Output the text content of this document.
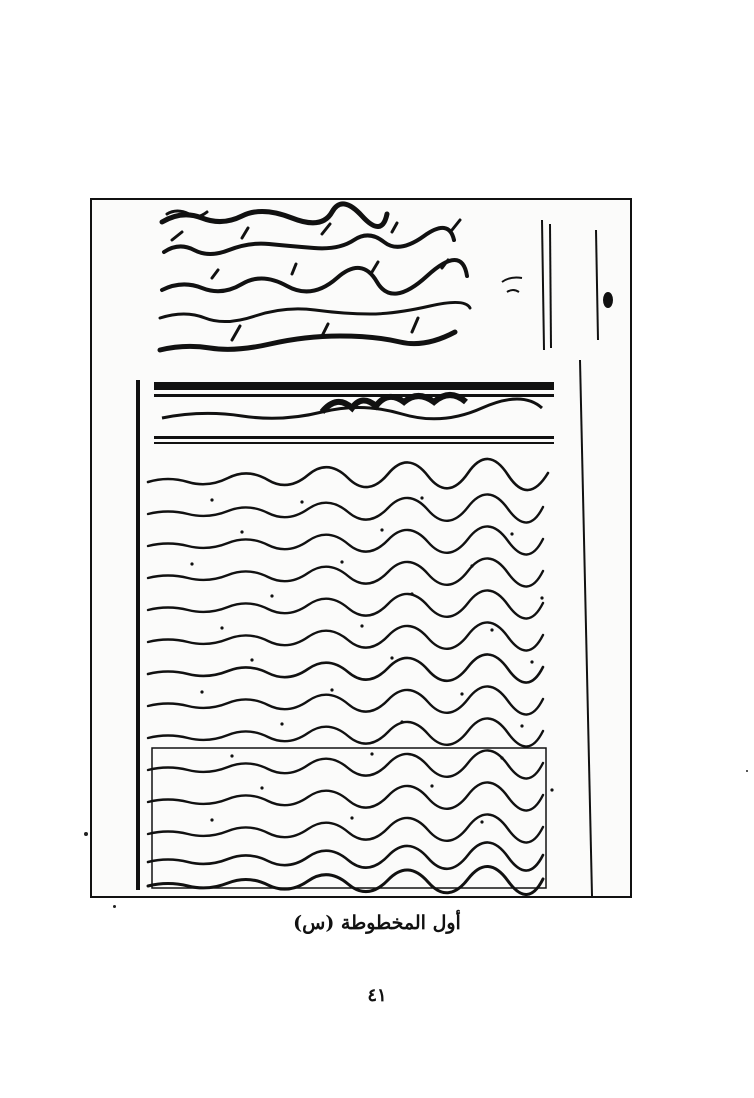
أول المخطوطة (س)
٤١
